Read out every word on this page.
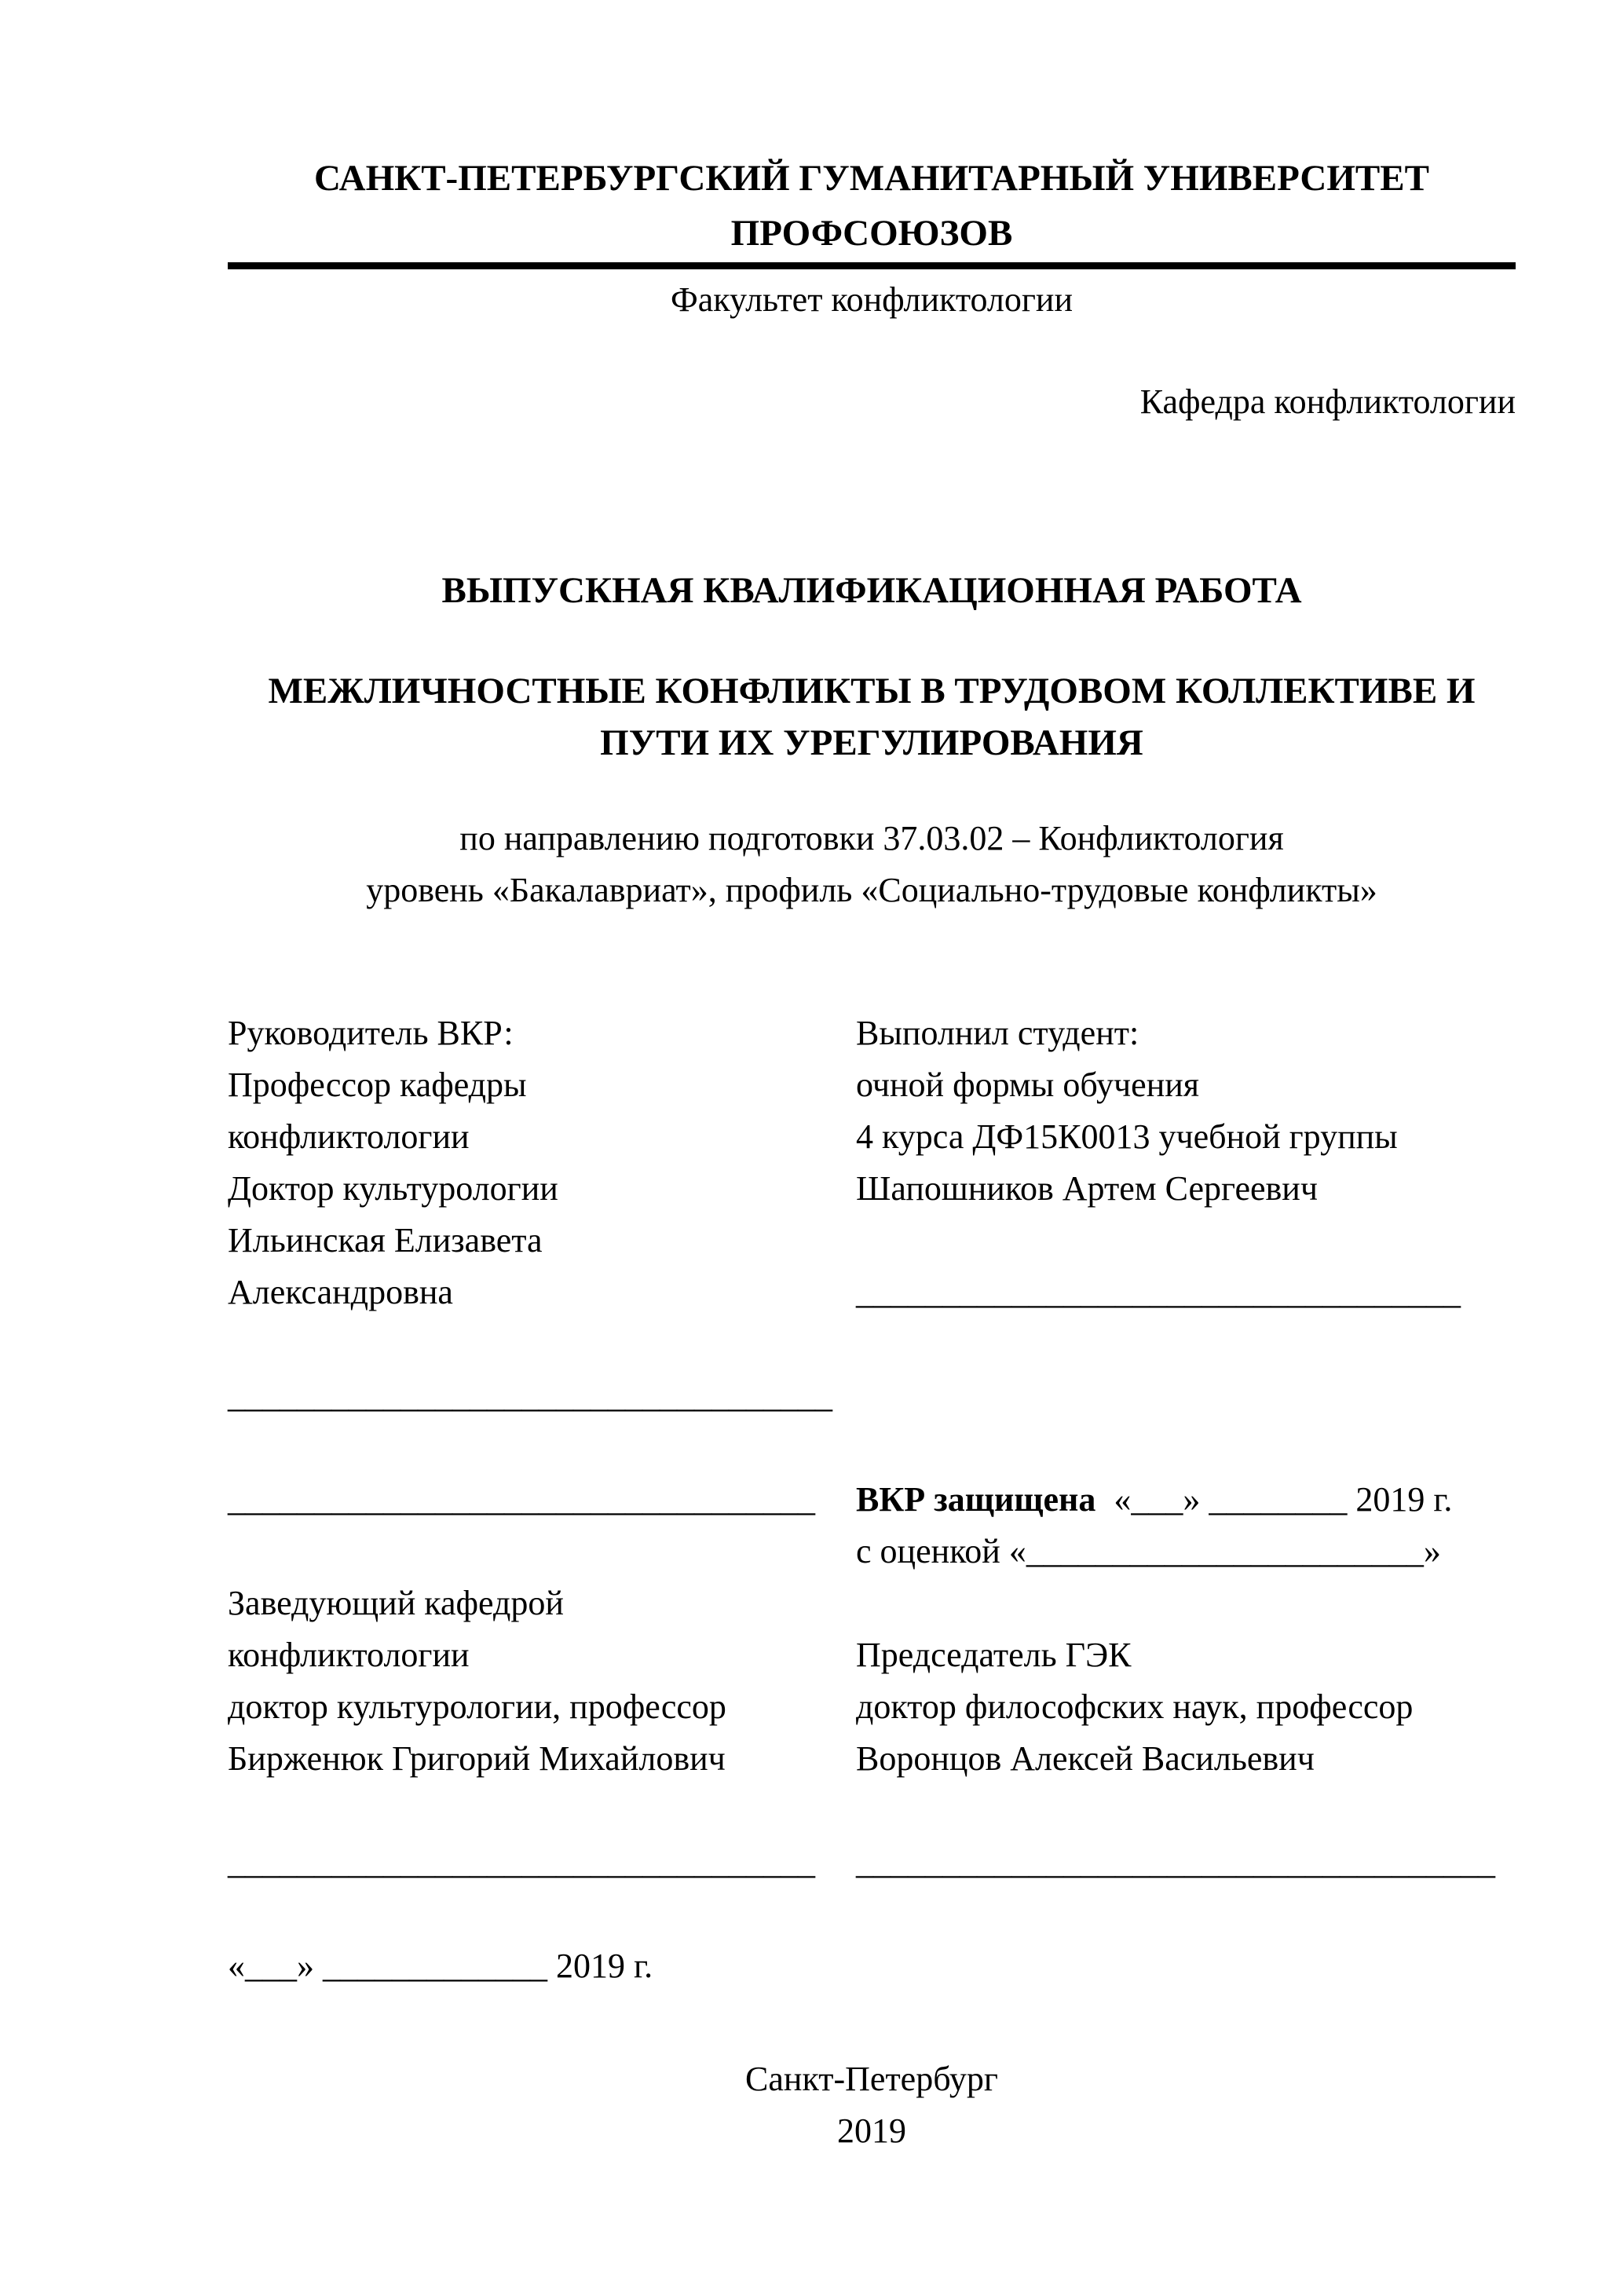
САНКТ-ПЕТЕРБУРГСКИЙ ГУМАНИТАРНЫЙ УНИВЕРСИТЕТ
ПРОФСОЮЗОВ
Факультет конфликтологии
Кафедра конфликтологии
ВЫПУСКНАЯ КВАЛИФИКАЦИОННАЯ РАБОТА
МЕЖЛИЧНОСТНЫЕ КОНФЛИКТЫ В ТРУДОВОМ КОЛЛЕКТИВЕ И
ПУТИ ИХ УРЕГУЛИРОВАНИЯ
по направлению подготовки 37.03.02 – Конфликтология
уровень «Бакалавриат», профиль «Социально-трудовые конфликты»
Руководитель ВКР:
Профессор кафедры
конфликтологии
Доктор культурологии
Ильинская Елизавета
Александровна
___________________________________
__________________________________
Заведующий кафедрой
конфликтологии
доктор культурологии, профессор
Бирженюк Григорий Михайлович
__________________________________
«___» _____________ 2019 г.
Выполнил студент:
очной формы обучения
4 курса ДФ15К0013 учебной группы
Шапошников Артем Сергеевич
___________________________________
ВКР защищена «___» ________ 2019 г.
с оценкой «_______________________»
Председатель ГЭК
доктор философских наук, профессор
Воронцов Алексей Васильевич
_____________________________________
Санкт-Петербург
2019
